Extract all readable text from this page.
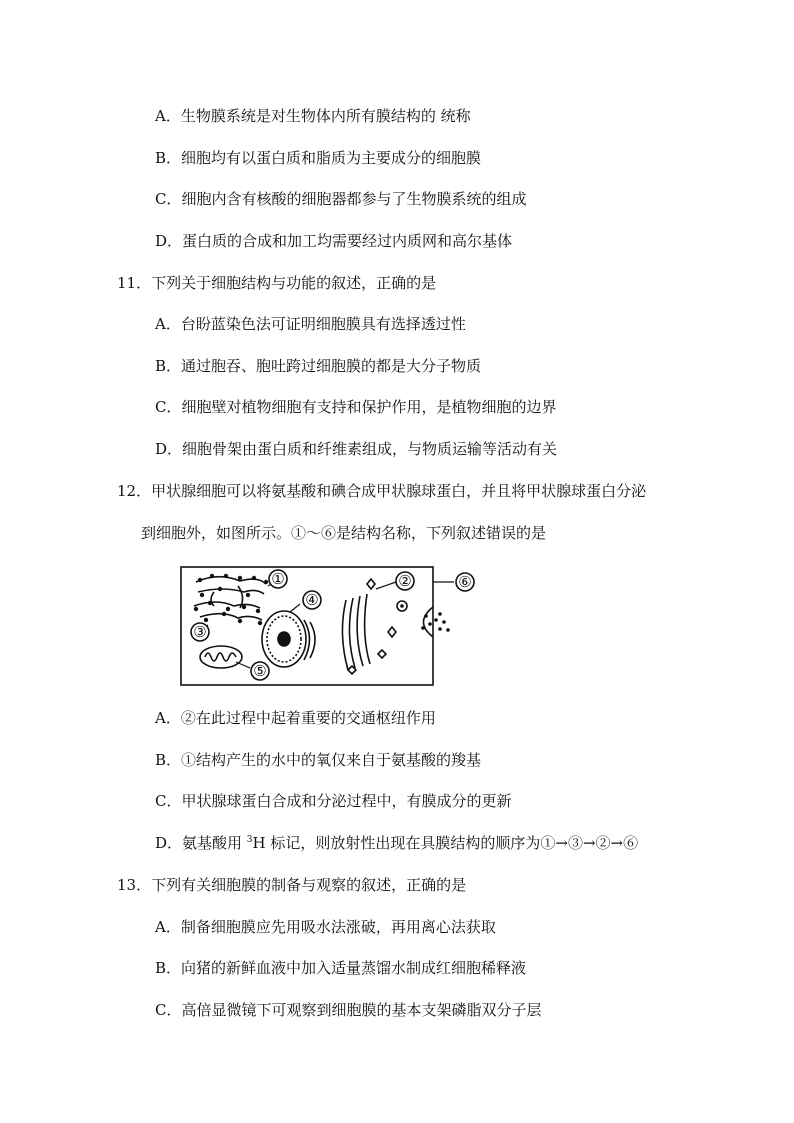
A．生物膜系统是对生物体内所有膜结构的 统称
B．细胞均有以蛋白质和脂质为主要成分的细胞膜
C．细胞内含有核酸的细胞器都参与了生物膜系统的组成
D．蛋白质的合成和加工均需要经过内质网和高尔基体
11．下列关于细胞结构与功能的叙述，正确的是
A．台盼蓝染色法可证明细胞膜具有选择透过性
B．通过胞吞、胞吐跨过细胞膜的都是大分子物质
C．细胞壁对植物细胞有支持和保护作用，是植物细胞的边界
D．细胞骨架由蛋白质和纤维素组成，与物质运输等活动有关
12．甲状腺细胞可以将氨基酸和碘合成甲状腺球蛋白，并且将甲状腺球蛋白分泌
到细胞外，如图所示。①～⑥是结构名称，下列叙述错误的是
①	②
③
④
⑤
⑥
A．②在此过程中起着重要的交通枢纽作用
B．①结构产生的水中的氧仅来自于氨基酸的羧基
C．甲状腺球蛋白合成和分泌过程中，有膜成分的更新
D．氨基酸用 $^3$H 标记，则放射性出现在具膜结构的顺序为①→③→②→⑥
13．下列有关细胞膜的制备与观察的叙述，正确的是
A．制备细胞膜应先用吸水法涨破，再用离心法获取
B．向猪的新鲜血液中加入适量蒸馏水制成红细胞稀释液
C．高倍显微镜下可观察到细胞膜的基本支架磷脂双分子层
